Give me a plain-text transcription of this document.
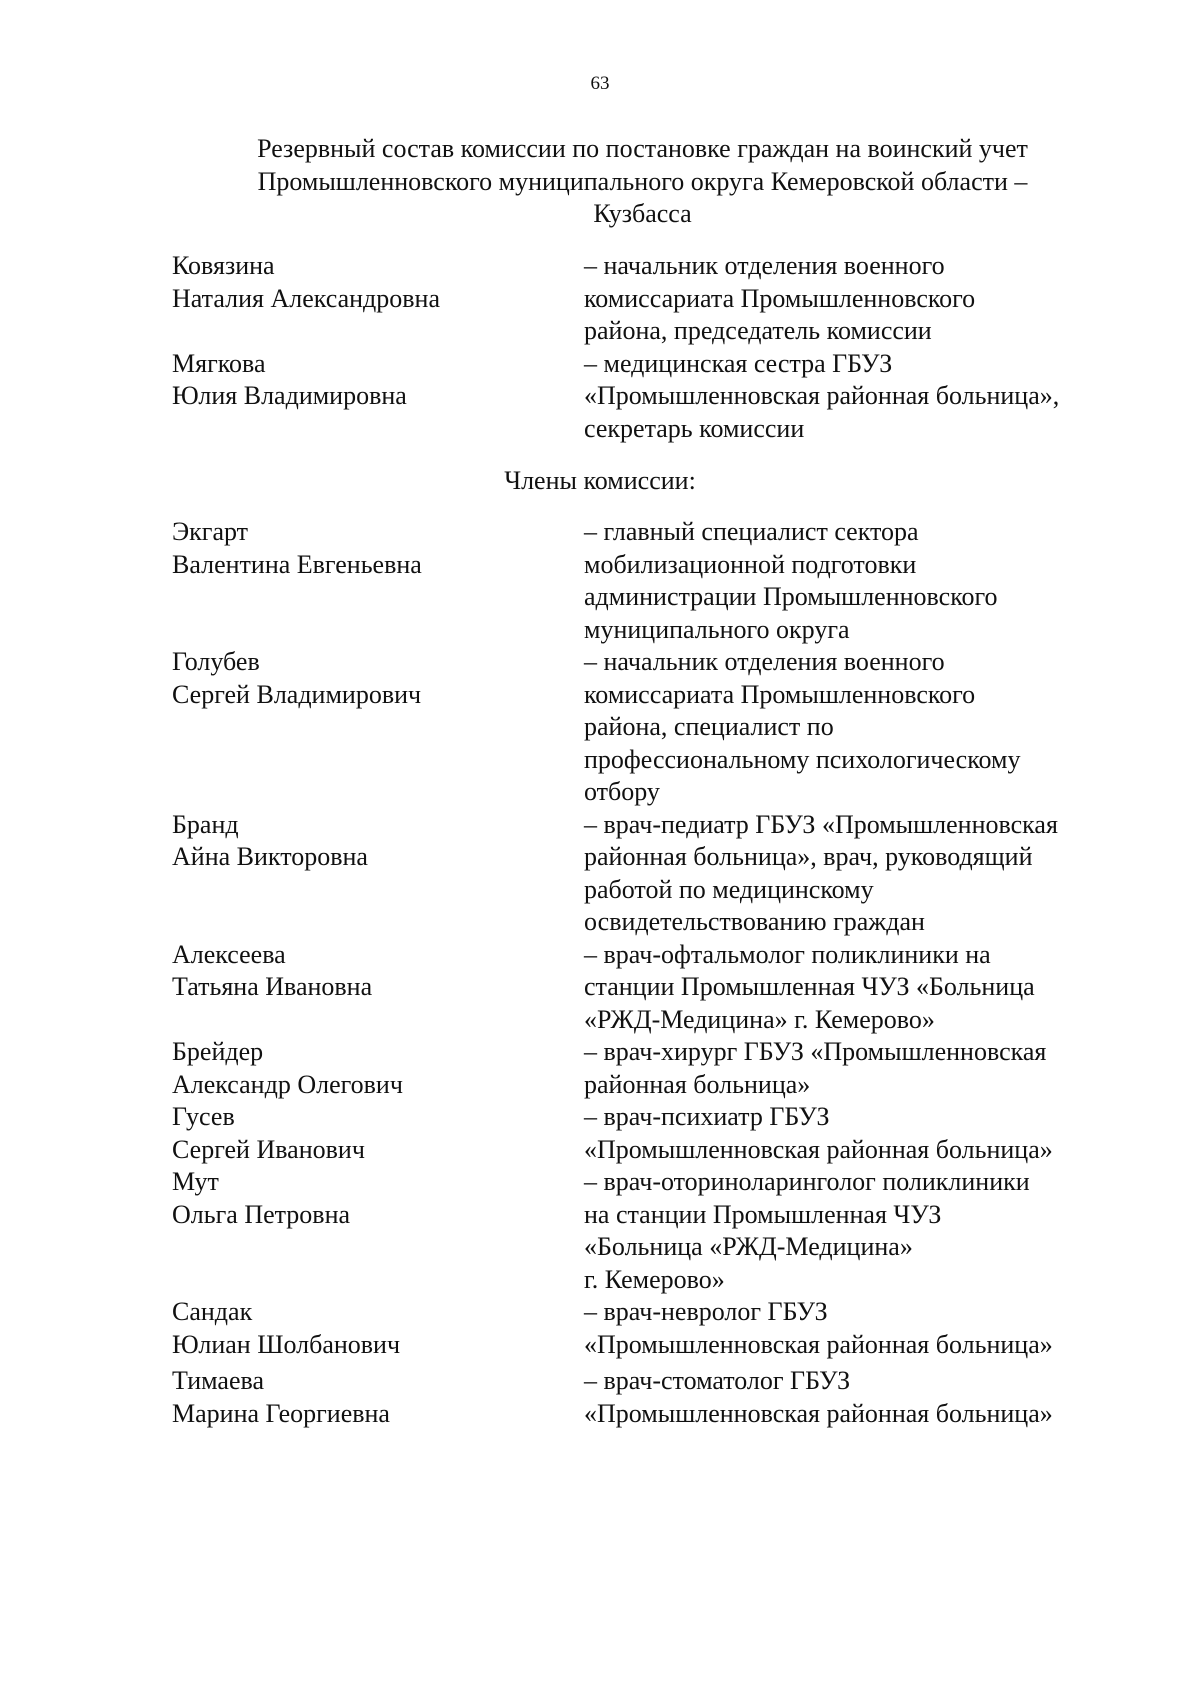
63
Резервный состав комиссии по постановке граждан на воинский учет
Промышленновского муниципального округа Кемеровской области –
Кузбасса
Ковязина
Наталия Александровна
– начальник отделения военного
комиссариата Промышленновского
района, председатель комиссии
Мягкова
Юлия Владимировна
– медицинская сестра ГБУЗ
«Промышленновская районная больница»,
секретарь комиссии
Члены комиссии:
Экгарт
Валентина Евгеньевна
– главный специалист сектора
мобилизационной подготовки
администрации Промышленновского
муниципального округа
Голубев
Сергей Владимирович
– начальник отделения военного
комиссариата Промышленновского
района, специалист по
профессиональному психологическому
отбору
Бранд
Айна Викторовна
– врач-педиатр ГБУЗ «Промышленновская
районная больница», врач, руководящий
работой по медицинскому
освидетельствованию граждан
Алексеева
Татьяна Ивановна
– врач-офтальмолог поликлиники на
станции Промышленная ЧУЗ «Больница
«РЖД-Медицина» г. Кемерово»
Брейдер
Александр Олегович
– врач-хирург ГБУЗ «Промышленновская
районная больница»
Гусев
Сергей Иванович
– врач-психиатр ГБУЗ
«Промышленновская районная больница»
Мут
Ольга Петровна
– врач-оториноларинголог поликлиники
на станции Промышленная ЧУЗ
«Больница «РЖД-Медицина»
г. Кемерово»
Сандак
Юлиан Шолбанович
– врач-невролог ГБУЗ
«Промышленновская районная больница»
Тимаева
Марина Георгиевна
– врач-стоматолог ГБУЗ
«Промышленновская районная больница»
